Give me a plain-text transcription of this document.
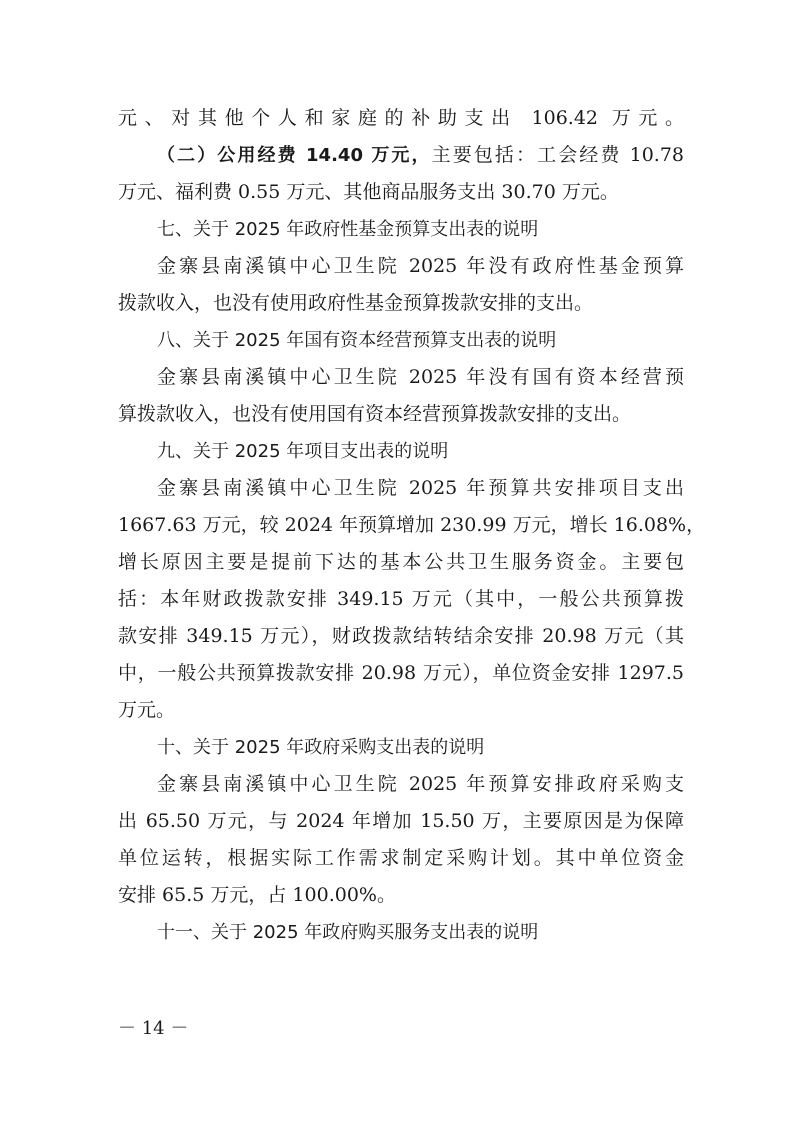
元、对其他个人和家庭的补助支出 106.42 万元。
（二）公用经费 14.40 万元，主要包括：工会经费 10.78
万元、福利费 0.55 万元、其他商品服务支出 30.70 万元。
七、关于 2025 年政府性基金预算支出表的说明
金寨县南溪镇中心卫生院 2025 年没有政府性基金预算
拨款收入，也没有使用政府性基金预算拨款安排的支出。
八、关于 2025 年国有资本经营预算支出表的说明
金寨县南溪镇中心卫生院 2025 年没有国有资本经营预
算拨款收入，也没有使用国有资本经营预算拨款安排的支出。
九、关于 2025 年项目支出表的说明
金寨县南溪镇中心卫生院 2025 年预算共安排项目支出
1667.63 万元，较 2024 年预算增加 230.99 万元，增长 16.08%，
增长原因主要是提前下达的基本公共卫生服务资金。主要包
括：本年财政拨款安排 349.15 万元（其中，一般公共预算拨
款安排 349.15 万元），财政拨款结转结余安排 20.98 万元（其
中，一般公共预算拨款安排 20.98 万元），单位资金安排 1297.5
万元。
十、关于 2025 年政府采购支出表的说明
金寨县南溪镇中心卫生院 2025 年预算安排政府采购支
出 65.50 万元，与 2024 年增加 15.50 万，主要原因是为保障
单位运转，根据实际工作需求制定采购计划。其中单位资金
安排 65.5 万元，占 100.00%。
十一、关于 2025 年政府购买服务支出表的说明
－ 14 －
